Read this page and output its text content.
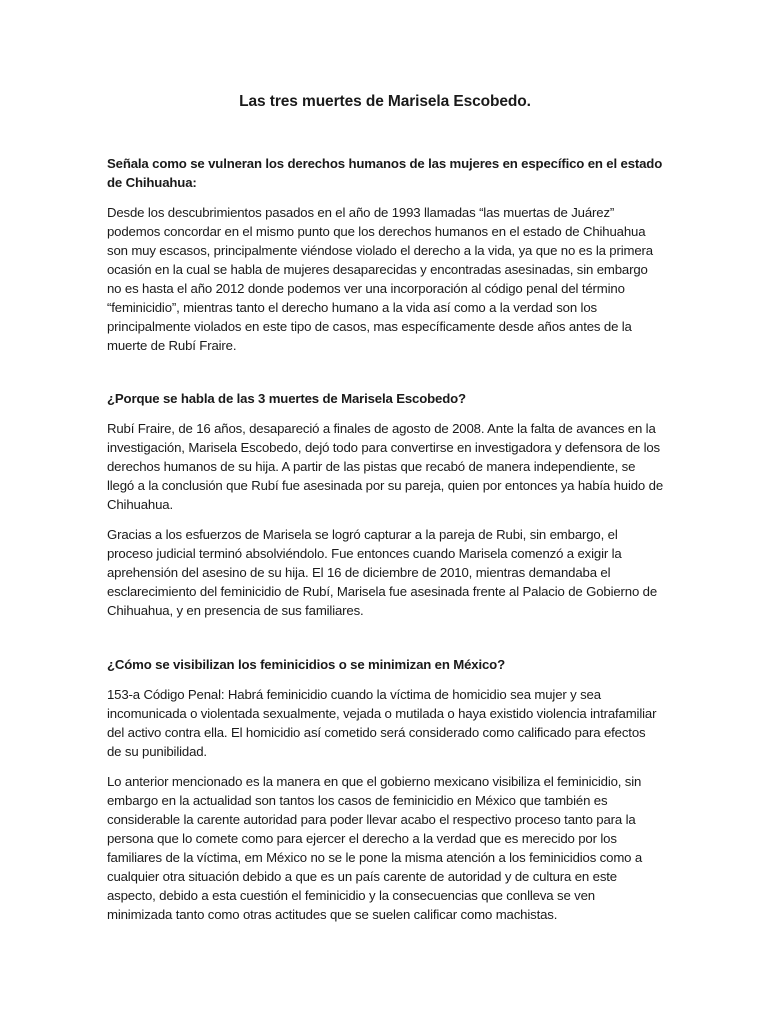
Las tres muertes de Marisela Escobedo.

Señala como se vulneran los derechos humanos de las mujeres en específico en el estado de Chihuahua:

Desde los descubrimientos pasados en el año de 1993 llamadas “las muertas de Juárez” podemos concordar en el mismo punto que los derechos humanos en el estado de Chihuahua son muy escasos, principalmente viéndose violado el derecho a la vida, ya que no es la primera ocasión en la cual se habla de mujeres desaparecidas y encontradas asesinadas, sin embargo no es hasta el año 2012 donde podemos ver una incorporación al código penal del término “feminicidio”, mientras tanto el derecho humano a la vida así como a la verdad son los principalmente violados en este tipo de casos, mas específicamente desde años antes de la muerte de Rubí Fraire.

¿Porque se habla de las 3 muertes de Marisela Escobedo?

Rubí Fraire, de 16 años, desapareció a finales de agosto de 2008. Ante la falta de avances en la investigación, Marisela Escobedo, dejó todo para convertirse en investigadora y defensora de los derechos humanos de su hija. A partir de las pistas que recabó de manera independiente, se llegó a la conclusión que Rubí fue asesinada por su pareja, quien por entonces ya había huido de Chihuahua.

Gracias a los esfuerzos de Marisela se logró capturar a la pareja de Rubi, sin embargo, el proceso judicial terminó absolviéndolo. Fue entonces cuando Marisela comenzó a exigir la aprehensión del asesino de su hija. El 16 de diciembre de 2010, mientras demandaba el esclarecimiento del feminicidio de Rubí, Marisela fue asesinada frente al Palacio de Gobierno de Chihuahua, y en presencia de sus familiares.

¿Cómo se visibilizan los feminicidios o se minimizan en México?

153-a Código Penal: Habrá feminicidio cuando la víctima de homicidio sea mujer y sea incomunicada o violentada sexualmente, vejada o mutilada o haya existido violencia intrafamiliar del activo contra ella. El homicidio así cometido será considerado como calificado para efectos de su punibilidad.

Lo anterior mencionado es la manera en que el gobierno mexicano visibiliza el feminicidio, sin embargo en la actualidad son tantos los casos de feminicidio en México que también es considerable la carente autoridad para poder llevar acabo el respectivo proceso tanto para la persona que lo comete como para ejercer el derecho a la verdad que es merecido por los familiares de la víctima, em México no se le pone la misma atención a los feminicidios como a cualquier otra situación debido a que es un país carente de autoridad y de cultura en este aspecto, debido a esta cuestión el feminicidio y la consecuencias que conlleva se ven minimizada tanto como otras actitudes que se suelen calificar como machistas.
